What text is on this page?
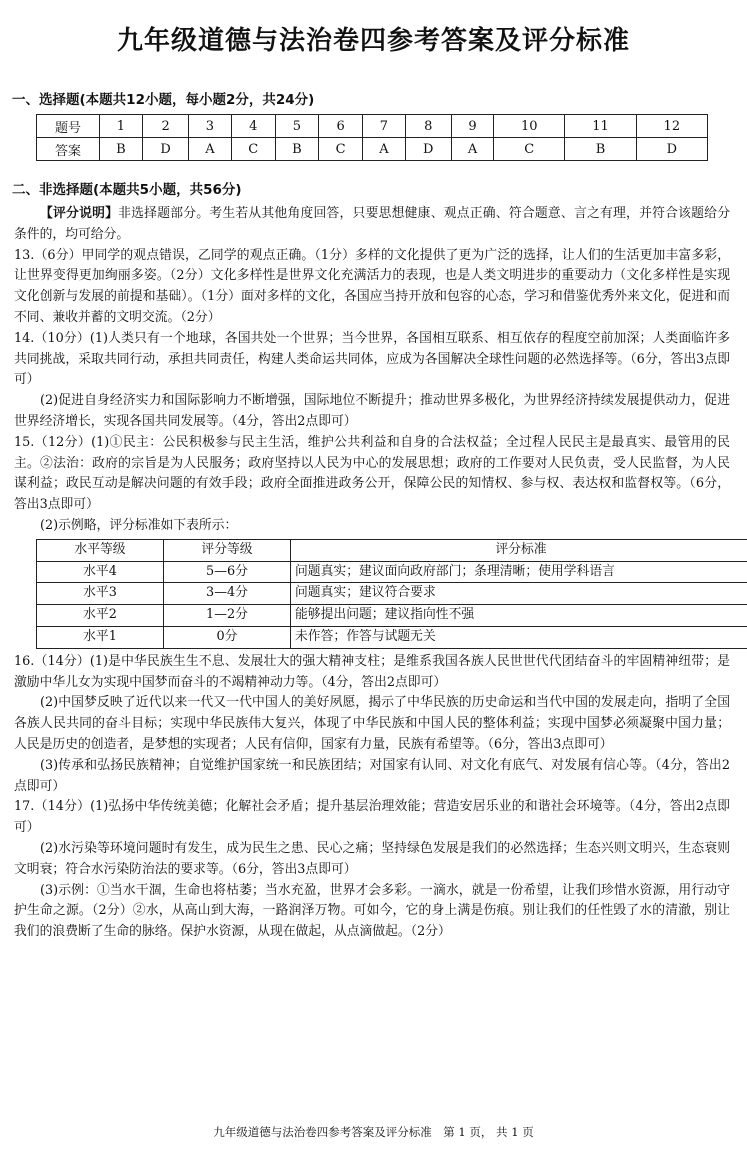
九年级道德与法治卷四参考答案及评分标准
一、选择题(本题共12小题，每小题2分，共24分)
题号	1	2	3	4	5	6	7	8	9	10	11	12
答案	B	D	A	C	B	C	A	D	A	C	B	D
二、非选择题(本题共5小题，共56分)

【评分说明】非选择题部分。考生若从其他角度回答，只要思想健康、观点正确、符合题意、言之有理，并符合该题给分条件的，均可给分。

13.（6分）甲同学的观点错误，乙同学的观点正确。（1分）多样的文化提供了更为广泛的选择，让人们的生活更加丰富多彩，让世界变得更加绚丽多姿。（2分）文化多样性是世界文化充满活力的表现，也是人类文明进步的重要动力（文化多样性是实现文化创新与发展的前提和基础）。（1分）面对多样的文化，各国应当持开放和包容的心态，学习和借鉴优秀外来文化，促进和而不同、兼收并蓄的文明交流。（2分）

14.（10分）(1)人类只有一个地球，各国共处一个世界；当今世界，各国相互联系、相互依存的程度空前加深；人类面临许多共同挑战，采取共同行动，承担共同责任，构建人类命运共同体，应成为各国解决全球性问题的必然选择等。（6分，答出3点即可）

(2)促进自身经济实力和国际影响力不断增强，国际地位不断提升；推动世界多极化，为世界经济持续发展提供动力，促进世界经济增长，实现各国共同发展等。（4分，答出2点即可）

15.（12分）(1)①民主：公民积极参与民主生活，维护公共利益和自身的合法权益；全过程人民民主是最真实、最管用的民主。②法治：政府的宗旨是为人民服务；政府坚持以人民为中心的发展思想；政府的工作要对人民负责，受人民监督，为人民谋利益；政民互动是解决问题的有效手段；政府全面推进政务公开，保障公民的知情权、参与权、表达权和监督权等。（6分，答出3点即可）

(2)示例略，评分标准如下表所示：

水平等级	评分等级	评分标准
水平4	5—6分	问题真实；建议面向政府部门；条理清晰；使用学科语言
水平3	3—4分	问题真实；建议符合要求
水平2	1—2分	能够提出问题；建议指向性不强
水平1	0分	未作答；作答与试题无关

16.（14分）(1)是中华民族生生不息、发展壮大的强大精神支柱；是维系我国各族人民世世代代团结奋斗的牢固精神纽带；是激励中华儿女为实现中国梦而奋斗的不竭精神动力等。（4分，答出2点即可）

(2)中国梦反映了近代以来一代又一代中国人的美好夙愿，揭示了中华民族的历史命运和当代中国的发展走向，指明了全国各族人民共同的奋斗目标；实现中华民族伟大复兴，体现了中华民族和中国人民的整体利益；实现中国梦必须凝聚中国力量；人民是历史的创造者，是梦想的实现者；人民有信仰，国家有力量，民族有希望等。（6分，答出3点即可）

(3)传承和弘扬民族精神；自觉维护国家统一和民族团结；对国家有认同、对文化有底气、对发展有信心等。（4分，答出2点即可）

17.（14分）(1)弘扬中华传统美德；化解社会矛盾；提升基层治理效能；营造安居乐业的和谐社会环境等。（4分，答出2点即可）

(2)水污染等环境问题时有发生，成为民生之患、民心之痛；坚持绿色发展是我们的必然选择；生态兴则文明兴，生态衰则文明衰；符合水污染防治法的要求等。（6分，答出3点即可）

(3)示例：①当水干涸，生命也将枯萎；当水充盈，世界才会多彩。一滴水，就是一份希望，让我们珍惜水资源，用行动守护生命之源。（2分）②水，从高山到大海，一路润泽万物。可如今，它的身上满是伤痕。别让我们的任性毁了水的清澈，别让我们的浪费断了生命的脉络。保护水资源，从现在做起，从点滴做起。（2分）

九年级道德与法治卷四参考答案及评分标准　第 1 页， 共 1 页
